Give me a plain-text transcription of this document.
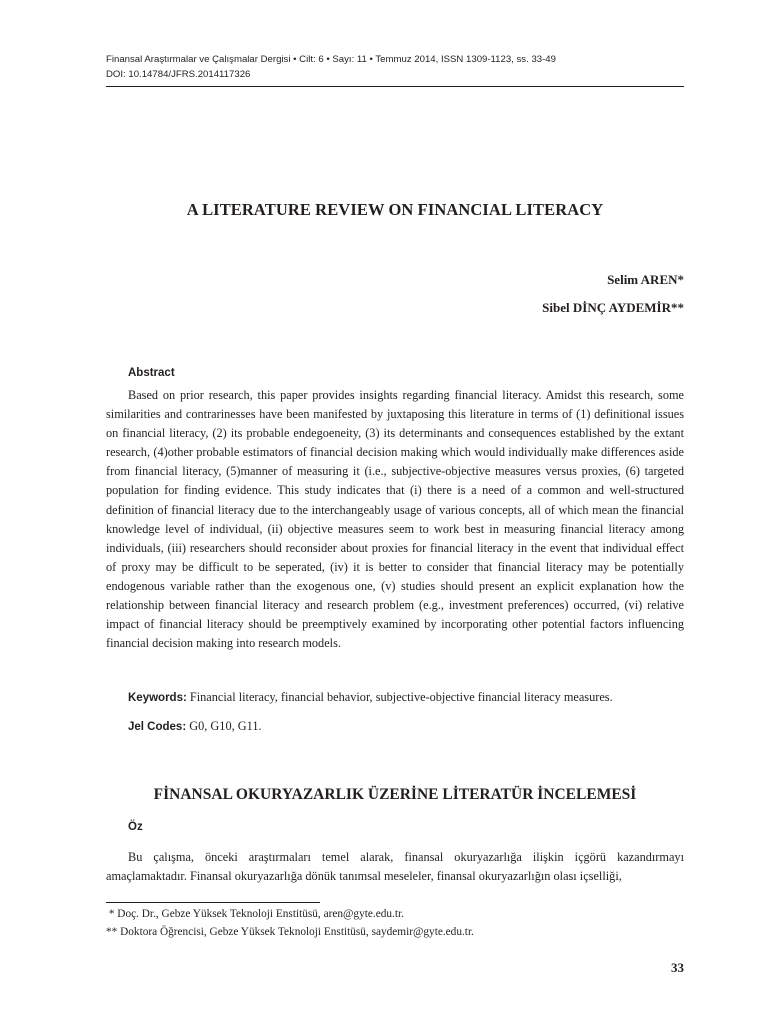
Finansal Araştırmalar ve Çalışmalar Dergisi • Cilt: 6 • Sayı: 11 • Temmuz 2014, ISSN 1309-1123, ss. 33-49
DOI: 10.14784/JFRS.2014117326
A LITERATURE REVIEW ON FINANCIAL LITERACY
Selim AREN*
Sibel DİNÇ AYDEMİR**
Abstract

Based on prior research, this paper provides insights regarding financial literacy. Amidst this research, some similarities and contrarinesses have been manifested by juxtaposing this literature in terms of (1) definitional issues on financial literacy, (2) its probable endegoeneity, (3) its determinants and consequences established by the extant research, (4)other probable estimators of financial decision making which would individually make differences aside from financial literacy, (5)manner of measuring it (i.e., subjective-objective measures versus proxies, (6) targeted population for finding evidence. This study indicates that (i) there is a need of a common and well-structured definition of financial literacy due to the interchangeably usage of various concepts, all of which mean the financial knowledge level of individual, (ii) objective measures seem to work best in measuring financial literacy among individuals, (iii) researchers should reconsider about proxies for financial literacy in the event that individual effect of proxy may be difficult to be seperated, (iv) it is better to consider that financial literacy may be potentially endogenous variable rather than the exogenous one, (v) studies should present an explicit explanation how the relationship between financial literacy and research problem (e.g., investment preferences) occurred, (vi) relative impact of financial literacy should be preemptively examined by incorporating other potential factors influencing financial decision making into research models.

Keywords: Financial literacy, financial behavior, subjective-objective financial literacy measures.
Jel Codes: G0, G10, G11.
FİNANSAL OKURYAZARLIK ÜZERİNE LİTERATÜR İNCELEMESİ
Öz

Bu çalışma, önceki araştırmaları temel alarak, finansal okuryazarlığa ilişkin içgörü kazandırmayı amaçlamaktadır. Finansal okuryazarlığa dönük tanımsal meseleler, finansal okuryazarlığın olası içselliği,

* Doç. Dr., Gebze Yüksek Teknoloji Enstitüsü, aren@gyte.edu.tr.
** Doktora Öğrencisi, Gebze Yüksek Teknoloji Enstitüsü, saydemir@gyte.edu.tr.
33
